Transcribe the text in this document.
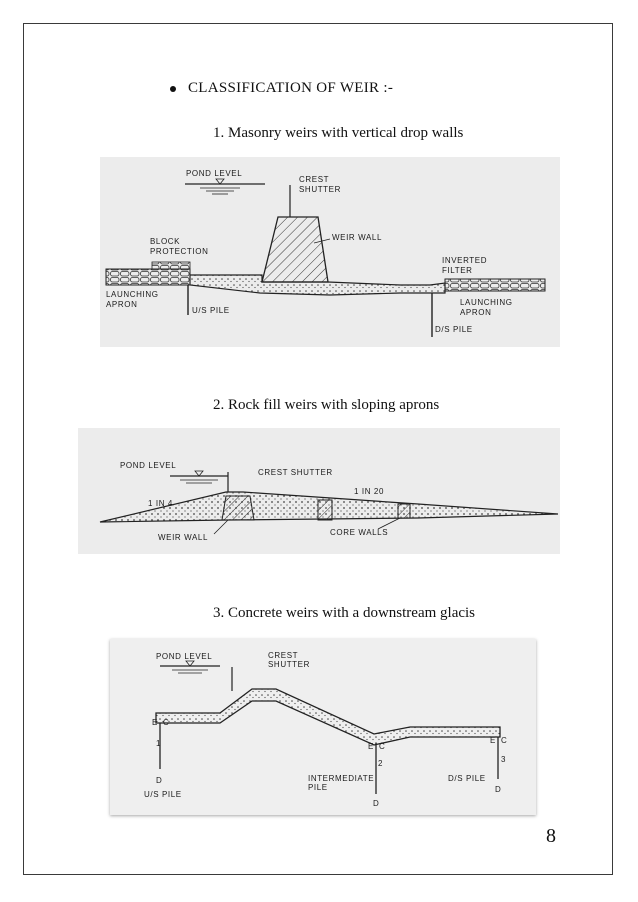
CLASSIFICATION OF WEIR :-
1. Masonry weirs with vertical drop walls
POND LEVEL
CREST
SHUTTER
WEIR WALL
BLOCK
PROTECTION
INVERTED
FILTER
LAUNCHING
APRON
U/S PILE
LAUNCHING
APRON
D/S PILE
2. Rock fill weirs with sloping aprons
POND LEVEL
CREST SHUTTER
1 IN 4
1 IN 20
WEIR WALL
CORE WALLS
3. Concrete weirs with a downstream glacis
POND LEVEL	CREST
SHUTTER
E C
1
D
E C
2
D
E C
3
D
U/S PILE
INTERMEDIATE
PILE
D/S PILE
8
